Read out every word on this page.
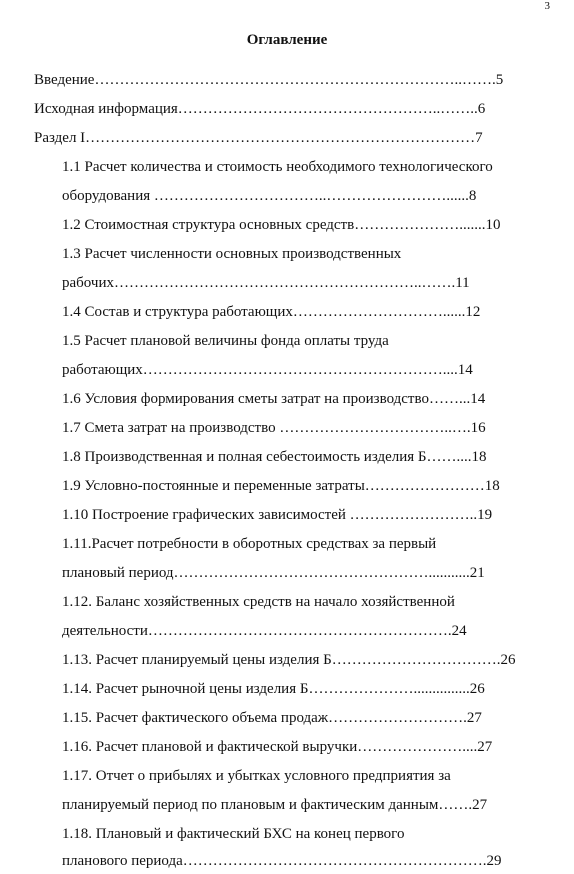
3
Оглавление
Введение………………………………………………………………..…….5
Исходная информация……………………………………………..……..6
Раздел I……………………………………………………………………7
1.1 Расчет количества и стоимость необходимого технологического
оборудования ……………………………..……………………......8
1.2 Стоимостная структура основных средств………………….......10
1.3 Расчет численности основных производственных
рабочих……………………………………………………..…….11
1.4 Состав и структура работающих…………………………......12
1.5 Расчет плановой величины фонда оплаты труда
работающих……………………………………………………....14
1.6 Условия формирования сметы затрат на производство……...14
1.7 Смета затрат на производство ……………………………..….16
1.8 Производственная и полная себестоимость изделия Б……....18
1.9 Условно-постоянные и переменные затраты……………………18
1.10 Построение графических зависимостей ……………………..19
1.11.Расчет потребности в оборотных средствах за первый
плановый период……………………………………………...........21
1.12. Баланс хозяйственных средств на начало хозяйственной
деятельности…………………………………………………….24
1.13. Расчет планируемый цены изделия Б…………………………….26
1.14. Расчет рыночной цены изделия Б…………………...............26
1.15. Расчет фактического объема продаж……………………….27
1.16. Расчет плановой и фактической выручки…………………....27
1.17. Отчет о прибылях и убытках условного предприятия за
планируемый период по плановым и фактическим данным…….27
1.18. Плановый и фактический БХС на конец первого
планового периода…………………………………………………….29
